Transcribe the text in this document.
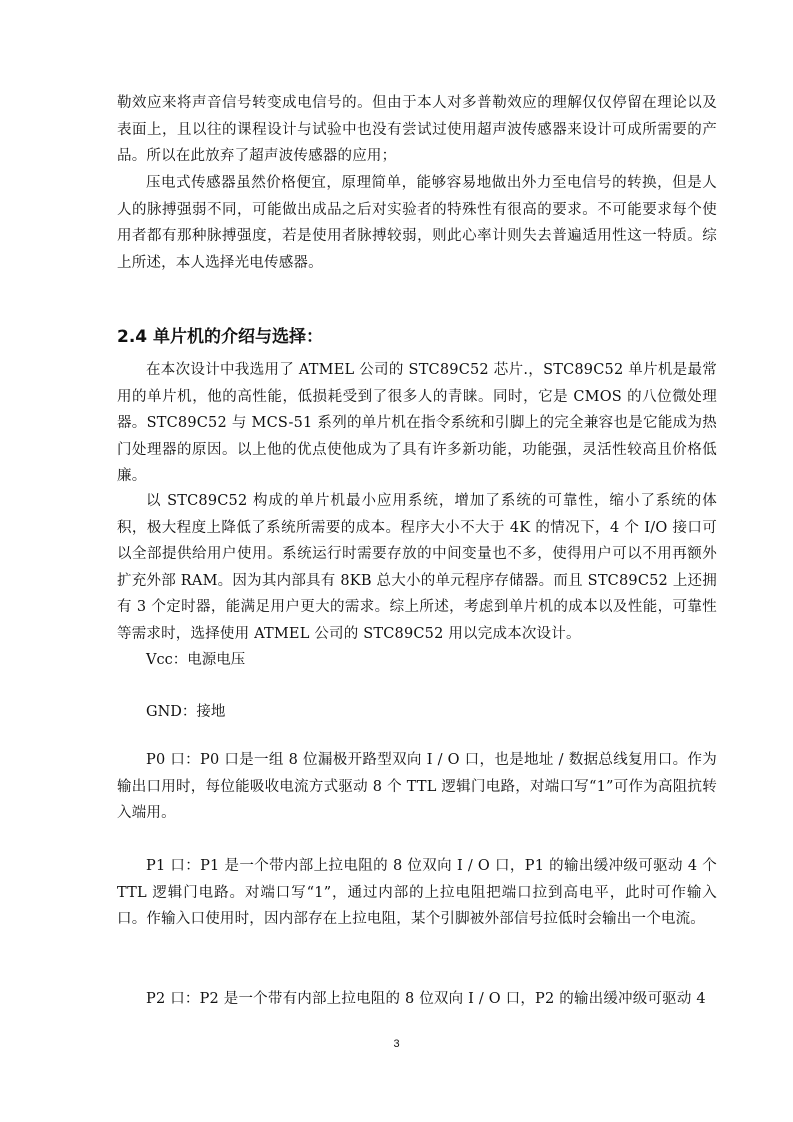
勒效应来将声音信号转变成电信号的。但由于本人对多普勒效应的理解仅仅停留在理论以及表面上，且以往的课程设计与试验中也没有尝试过使用超声波传感器来设计可成所需要的产品。所以在此放弃了超声波传感器的应用；
压电式传感器虽然价格便宜，原理简单，能够容易地做出外力至电信号的转换，但是人人的脉搏强弱不同，可能做出成品之后对实验者的特殊性有很高的要求。不可能要求每个使用者都有那种脉搏强度，若是使用者脉搏较弱，则此心率计则失去普遍适用性这一特质。综上所述，本人选择光电传感器。
2.4 单片机的介绍与选择：
在本次设计中我选用了 ATMEL 公司的 STC89C52 芯片.，STC89C52 单片机是最常用的单片机，他的高性能，低损耗受到了很多人的青睐。同时，它是 CMOS 的八位微处理器。STC89C52 与 MCS-51 系列的单片机在指令系统和引脚上的完全兼容也是它能成为热门处理器的原因。以上他的优点使他成为了具有许多新功能，功能强，灵活性较高且价格低廉。
以 STC89C52 构成的单片机最小应用系统，增加了系统的可靠性，缩小了系统的体积，极大程度上降低了系统所需要的成本。程序大小不大于 4K 的情况下，4 个 I/O 接口可以全部提供给用户使用。系统运行时需要存放的中间变量也不多，使得用户可以不用再额外扩充外部 RAM。因为其内部具有 8KB 总大小的单元程序存储器。而且 STC89C52 上还拥有 3 个定时器，能满足用户更大的需求。综上所述，考虑到单片机的成本以及性能，可靠性等需求时，选择使用 ATMEL 公司的 STC89C52 用以完成本次设计。
Vcc：电源电压
GND：接地
P0 口：P0 口是一组 8 位漏极开路型双向 I / O 口，也是地址 / 数据总线复用口。作为输出口用时，每位能吸收电流方式驱动 8 个 TTL 逻辑门电路，对端口写“1”可作为高阻抗转入端用。
P1 口：P1 是一个带内部上拉电阻的 8 位双向 I / O 口，P1 的输出缓冲级可驱动 4 个 TTL 逻辑门电路。对端口写“1”，通过内部的上拉电阻把端口拉到高电平，此时可作输入口。作输入口使用时，因内部存在上拉电阻，某个引脚被外部信号拉低时会输出一个电流。
P2 口：P2 是一个带有内部上拉电阻的 8 位双向 I / O 口，P2 的输出缓冲级可驱动 4
3
